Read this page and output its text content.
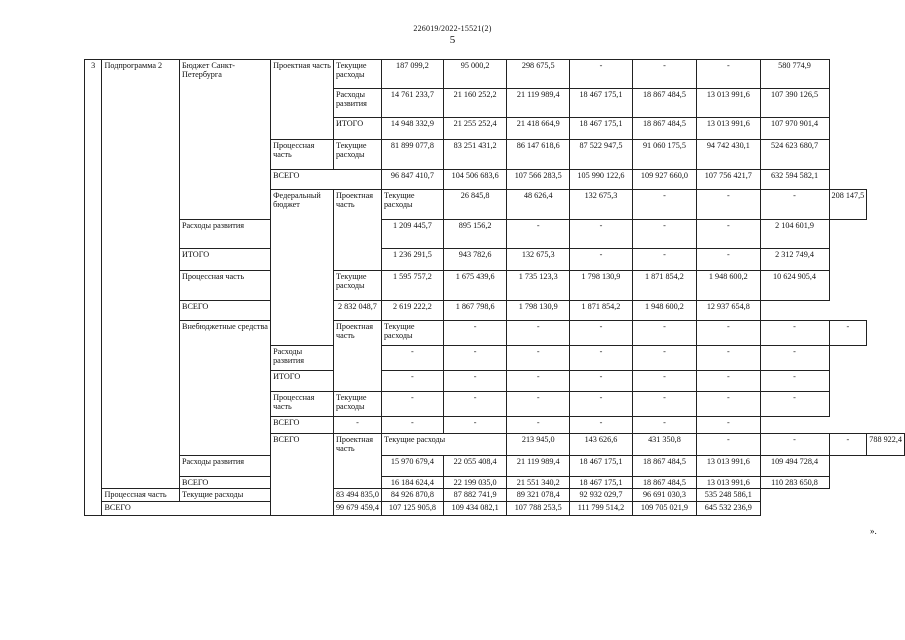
226019/2022-15521(2)
5
3	Подпрограмма 2	Бюджет Санкт-Петербурга	Проектная часть	Текущие расходы	187 099,2	95 000,2	298 675,5	-	-	-	580 774,9		
				Расходы развития	14 761 233,7	21 160 252,2	21 119 989,4	18 467 175,1	18 867 484,5	13 013 991,6	107 390 126,5		
				ИТОГО	14 948 332,9	21 255 252,4	21 418 664,9	18 467 175,1	18 867 484,5	13 013 991,6	107 970 901,4		
			Процессная часть	Текущие расходы	81 899 077,8	83 251 431,2	86 147 618,6	87 522 947,5	91 060 175,5	94 742 430,1	524 623 680,7		
			ВСЕГО		96 847 410,7	104 506 683,6	107 566 283,5	105 990 122,6	109 927 660,0	107 756 421,7	632 594 582,1		
			Федеральный бюджет	Проектная часть	Текущие расходы	26 845,8	48 626,4	132 675,3	-	-	-	208 147,5	
		Расходы развития			1 209 445,7	895 156,2	-	-	-	-	2 104 601,9		
		ИТОГО			1 236 291,5	943 782,6	132 675,3	-	-	-	2 312 749,4		
		Процессная часть		Текущие расходы	1 595 757,2	1 675 439,6	1 735 123,3	1 798 130,9	1 871 854,2	1 948 600,2	10 624 905,4		
		ВСЕГО		2 832 048,7	2 619 222,2	1 867 798,6	1 798 130,9	1 871 854,2	1 948 600,2	12 937 654,8			
		Внебюджетные средства		Проектная часть	Текущие расходы	-	-	-	-	-	-	-	
			Расходы развития		-	-	-	-	-	-	-		
			ИТОГО		-	-	-	-	-	-	-		
			Процессная часть	Текущие расходы	-	-	-	-	-	-	-		
			ВСЕГО	-	-	-	-	-	-	-			
			ВСЕГО	Проектная часть	Текущие расходы		213 945,0	143 626,6	431 350,8	-	-	-	788 922,4
		Расходы развития			15 970 679,4	22 055 408,4	21 119 989,4	18 467 175,1	18 867 484,5	13 013 991,6	109 494 728,4		
		ВСЕГО			16 184 624,4	22 199 035,0	21 551 340,2	18 467 175,1	18 867 484,5	13 013 991,6	110 283 650,8		
	Процессная часть	Текущие расходы		83 494 835,0	84 926 870,8	87 882 741,9	89 321 078,4	92 932 029,7	96 691 030,3	535 248 586,1			
	ВСЕГО			99 679 459,4	107 125 905,8	109 434 082,1	107 788 253,5	111 799 514,2	109 705 021,9	645 532 236,9			
».
